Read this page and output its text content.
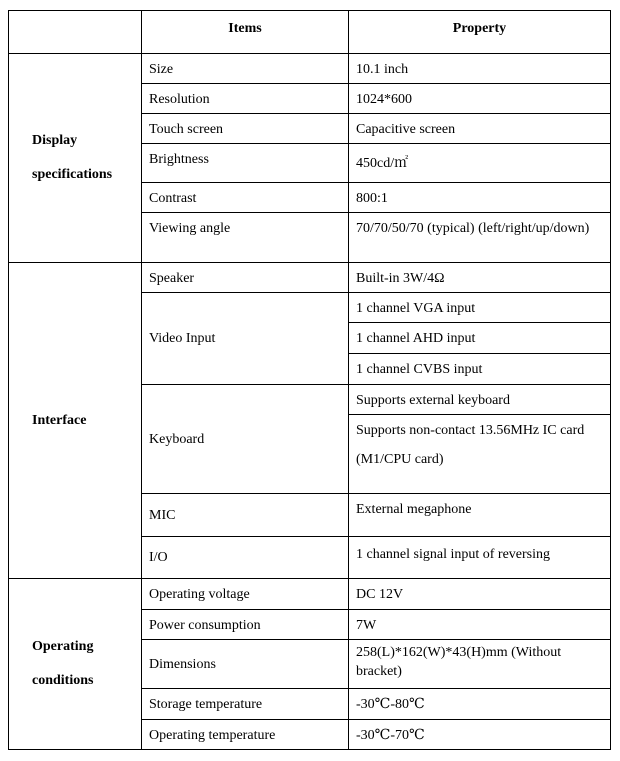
	Items	Property
Display specifications	Size	10.1 inch
	Resolution	1024*600
	Touch screen	Capacitive screen
	Brightness	450cd/㎡
	Contrast	800:1
	Viewing angle	70/70/50/70 (typical) (left/right/up/down)
Interface	Speaker	Built-in 3W/4Ω
	Video Input	1 channel VGA input
		1 channel AHD input
		1 channel CVBS input
	Keyboard	Supports external keyboard

		Supports non-contact 13.56MHz IC card

(M1/CPU card)

	MIC	External megaphone
	I/O	1 channel signal input of reversing
Operating conditions	Operating voltage	DC 12V
	Power consumption	7W
	Dimensions	258(L)*162(W)*43(H)mm (Without bracket)
	Storage temperature	-30℃-80℃
	Operating temperature	-30℃-70℃
